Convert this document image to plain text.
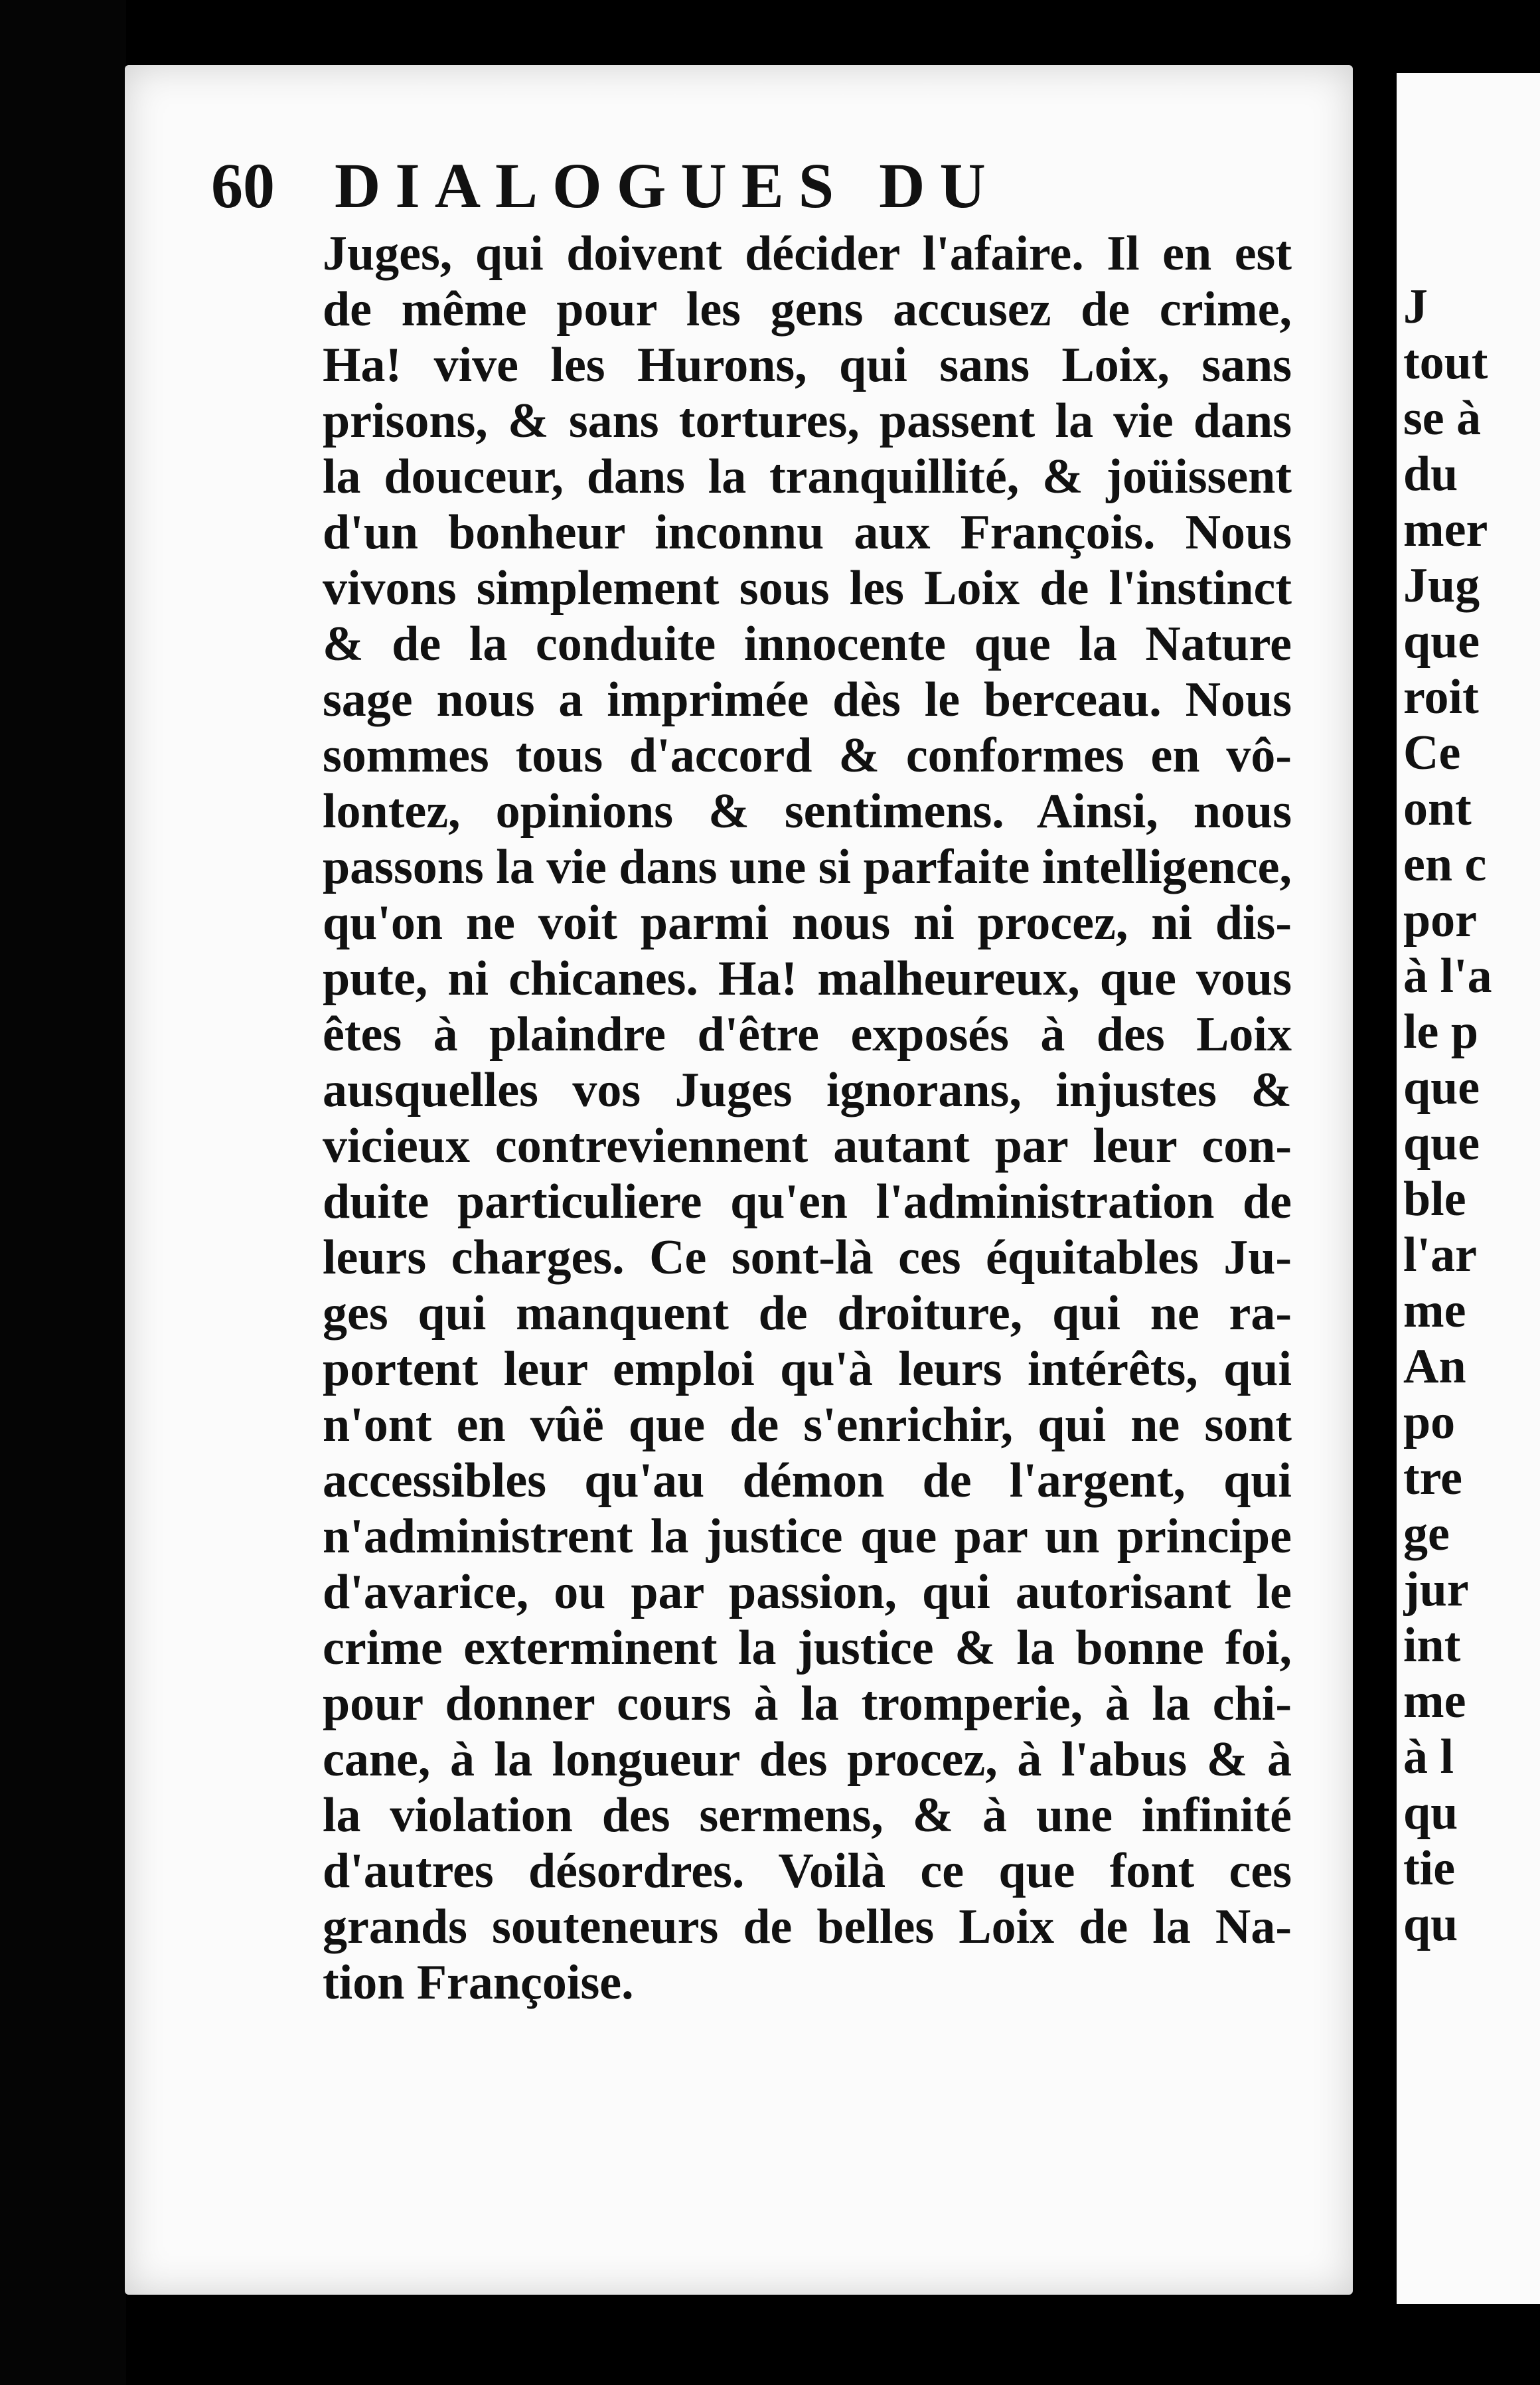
60 DIALOGUES DU
Juges, qui doivent décider l'afaire. Il en est
de même pour les gens accusez de crime,
Ha! vive les Hurons, qui sans Loix, sans
prisons, & sans tortures, passent la vie dans
la douceur, dans la tranquillité, & joüissent
d'un bonheur inconnu aux François. Nous
vivons simplement sous les Loix de l'instinct
& de la conduite innocente que la Nature
sage nous a imprimée dès le berceau. Nous
sommes tous d'accord & conformes en vô-
lontez, opinions & sentimens. Ainsi, nous
passons la vie dans une si parfaite intelligence,
qu'on ne voit parmi nous ni procez, ni dis-
pute, ni chicanes. Ha! malheureux, que vous
êtes à plaindre d'être exposés à des Loix
ausquelles vos Juges ignorans, injustes &
vicieux contreviennent autant par leur con-
duite particuliere qu'en l'administration de
leurs charges. Ce sont-là ces équitables Ju-
ges qui manquent de droiture, qui ne ra-
portent leur emploi qu'à leurs intérêts, qui
n'ont en vûë que de s'enrichir, qui ne sont
accessibles qu'au démon de l'argent, qui
n'administrent la justice que par un principe
d'avarice, ou par passion, qui autorisant le
crime exterminent la justice & la bonne foi,
pour donner cours à la tromperie, à la chi-
cane, à la longueur des procez, à l'abus & à
la violation des sermens, & à une infinité
d'autres désordres. Voilà ce que font ces
grands souteneurs de belles Loix de la Na-
tion Françoise.
J
tout
se à
du
mer
Jug
que
roit
Ce
ont
en c
por
à l'a
le p
que
que
ble
l'ar
me
An
po
tre
ge
jur
int
me
à l
qu
tie
qu
